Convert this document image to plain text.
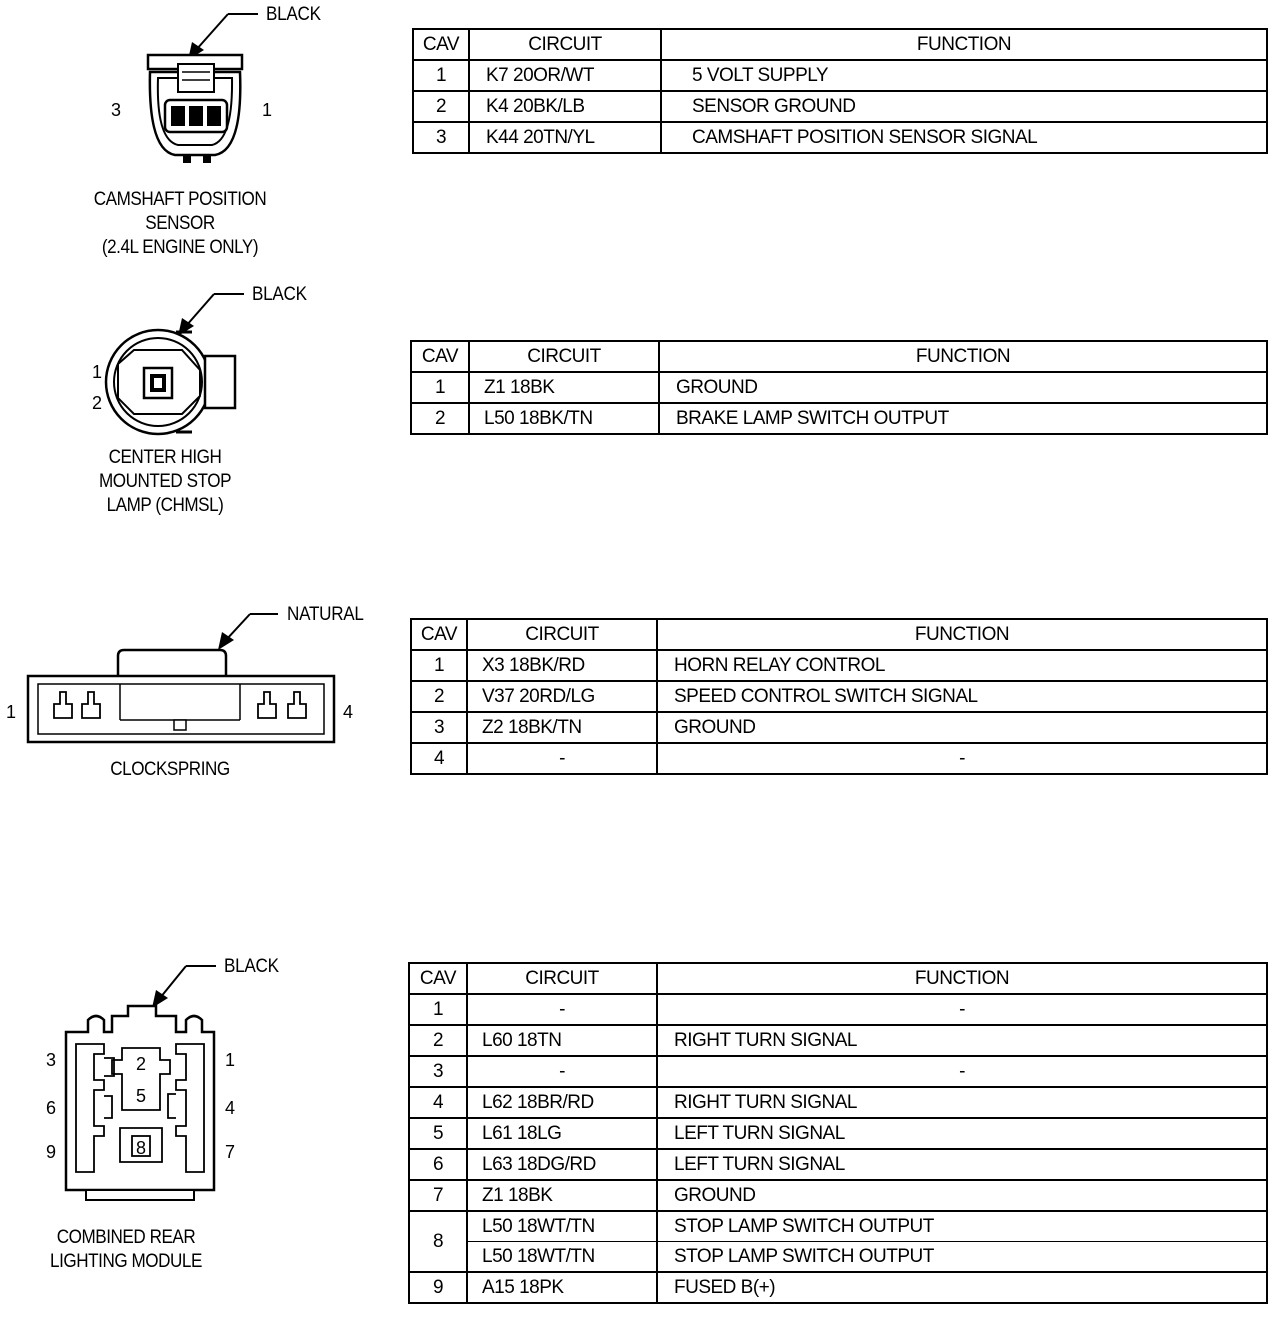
BLACK
3	1
CAMSHAFT POSITION
SENSOR
(2.4L ENGINE ONLY)
CAV	CIRCUIT	FUNCTION
1	K7 20OR/WT	5 VOLT SUPPLY
2	K4 20BK/LB	SENSOR GROUND
3	K44 20TN/YL	CAMSHAFT POSITION SENSOR SIGNAL
BLACK
1
2
CENTER HIGH
MOUNTED STOP
LAMP (CHMSL)
CAV	CIRCUIT	FUNCTION
1	Z1 18BK	GROUND
2	L50 18BK/TN	BRAKE LAMP SWITCH OUTPUT
NATURAL
1	4
CLOCKSPRING
CAV	CIRCUIT	FUNCTION
1	X3 18BK/RD	HORN RELAY CONTROL
2	V37 20RD/LG	SPEED CONTROL SWITCH SIGNAL
3	Z2 18BK/TN	GROUND
4	-	-
BLACK
3	1
6	4
9	7
2
5
8
COMBINED REAR
LIGHTING MODULE
CAV	CIRCUIT	FUNCTION
1	-	-
2	L60 18TN	RIGHT TURN SIGNAL
3	-	-
4	L62 18BR/RD	RIGHT TURN SIGNAL
5	L61 18LG	LEFT TURN SIGNAL
6	L63 18DG/RD	LEFT TURN SIGNAL
7	Z1 18BK	GROUND
8	L50 18WT/TN	STOP LAMP SWITCH OUTPUT
	L50 18WT/TN	STOP LAMP SWITCH OUTPUT
9	A15 18PK	FUSED B(+)
